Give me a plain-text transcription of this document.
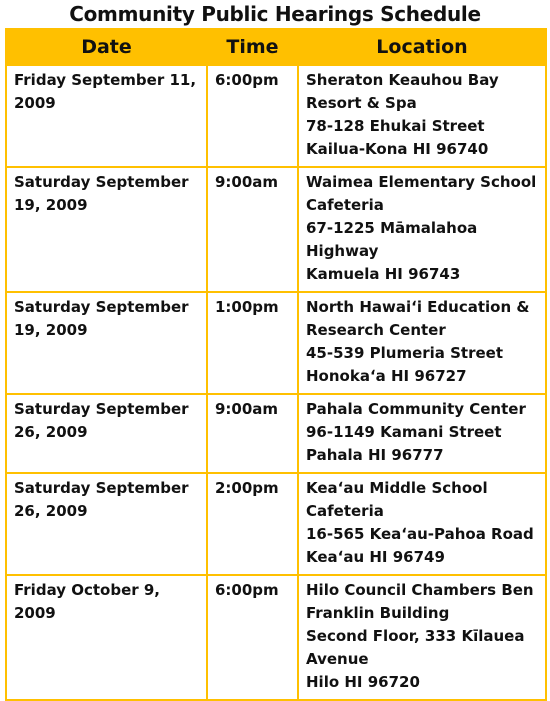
Community Public Hearings Schedule
Date	Time	Location
Friday September 11, 2009	6:00pm	Sheraton Keauhou Bay Resort & Spa
78-128 Ehukai Street
Kailua-Kona HI 96740

Saturday September 19, 2009	9:00am	Waimea Elementary School Cafeteria
67-1225 Māmalahoa Highway
Kamuela HI 96743

Saturday September 19, 2009	1:00pm	North Hawaiʻi Education & Research Center
45-539 Plumeria Street
Honokaʻa HI 96727

Saturday September 26, 2009	9:00am	Pahala Community Center
96-1149 Kamani Street
Pahala HI 96777

Saturday September 26, 2009	2:00pm	Keaʻau Middle School Cafeteria
16-565 Keaʻau-Pahoa Road
Keaʻau HI 96749

Friday October 9, 2009	6:00pm	Hilo Council Chambers Ben Franklin Building
Second Floor, 333 Kīlauea Avenue
Hilo HI 96720
